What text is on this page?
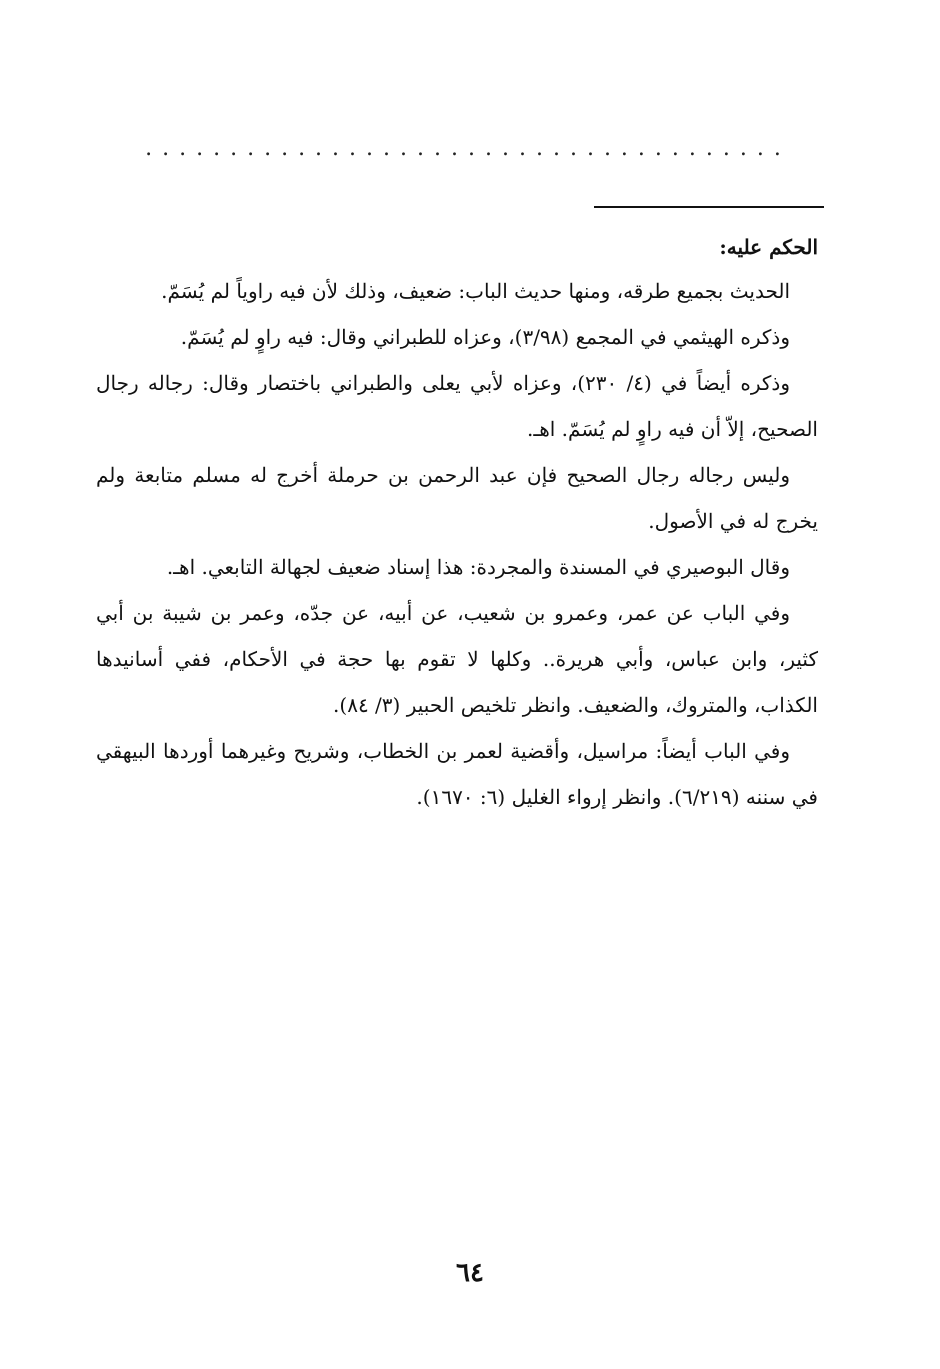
......................................

الحكم عليه:

الحديث بجميع طرقه، ومنها حديث الباب: ضعيف، وذلك لأن فيه راوياً لم يُسَمّ.

وذكره الهيثمي في المجمع (٣/٩٨)، وعزاه للطبراني وقال: فيه راوٍ لم يُسَمّ.

وذكره أيضاً في (٤/ ٢٣٠)، وعزاه لأبي يعلى والطبراني باختصار وقال: رجاله رجال الصحيح، إلاّ أن فيه راوٍ لم يُسَمّ. اهـ.

وليس رجاله رجال الصحيح فإن عبد الرحمن بن حرملة أخرج له مسلم متابعة ولم يخرج له في الأصول.

وقال البوصيري في المسندة والمجردة: هذا إسناد ضعيف لجهالة التابعي. اهـ.

وفي الباب عن عمر، وعمرو بن شعيب، عن أبيه، عن جدّه، وعمر بن شيبة بن أبي كثير، وابن عباس، وأبي هريرة.. وكلها لا تقوم بها حجة في الأحكام، ففي أسانيدها الكذاب، والمتروك، والضعيف. وانظر تلخيص الحبير (٣/ ٨٤).

وفي الباب أيضاً: مراسيل، وأقضية لعمر بن الخطاب، وشريح وغيرهما أوردها البيهقي في سننه (٦/٢١٩). وانظر إرواء الغليل (٦: ١٦٧٠).

٦٤
